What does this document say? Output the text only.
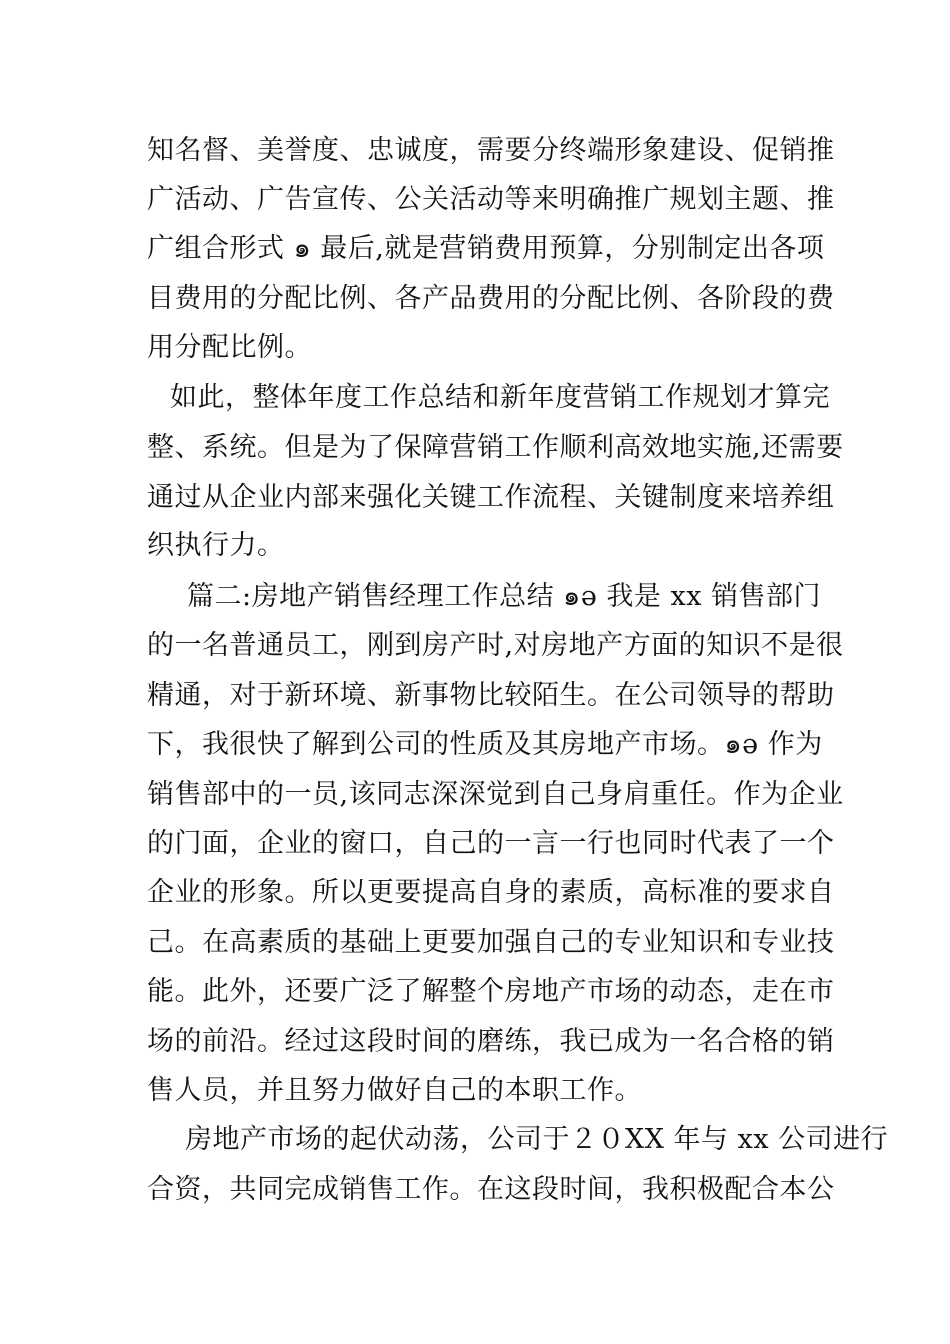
知名督、美誉度、忠诚度，需要分终端形象建设、促销推
广活动、广告宣传、公关活动等来明确推广规划主题、推
广组合形式 ๑ 最后,就是营销费用预算，分别制定出各项
目费用的分配比例、各产品费用的分配比例、各阶段的费
用分配比例。
如此，整体年度工作总结和新年度营销工作规划才算完
整、系统。但是为了保障营销工作顺利高效地实施,还需要
通过从企业内部来强化关键工作流程、关键制度来培养组
织执行力。
篇二:房地产销售经理工作总结 ๑ə 我是 xx 销售部门
的一名普通员工，刚到房产时,对房地产方面的知识不是很
精通，对于新环境、新事物比较陌生。在公司领导的帮助
下，我很快了解到公司的性质及其房地产市场。๑ə 作为
销售部中的一员,该同志深深觉到自己身肩重任。作为企业
的门面，企业的窗口，自己的一言一行也同时代表了一个
企业的形象。所以更要提高自身的素质，高标准的要求自
己。在高素质的基础上更要加强自己的专业知识和专业技
能。此外，还要广泛了解整个房地产市场的动态，走在市
场的前沿。经过这段时间的磨练，我已成为一名合格的销
售人员，并且努力做好自己的本职工作。
房地产市场的起伏动荡，公司于２０XX 年与 xx 公司进行
合资，共同完成销售工作。在这段时间，我积极配合本公
